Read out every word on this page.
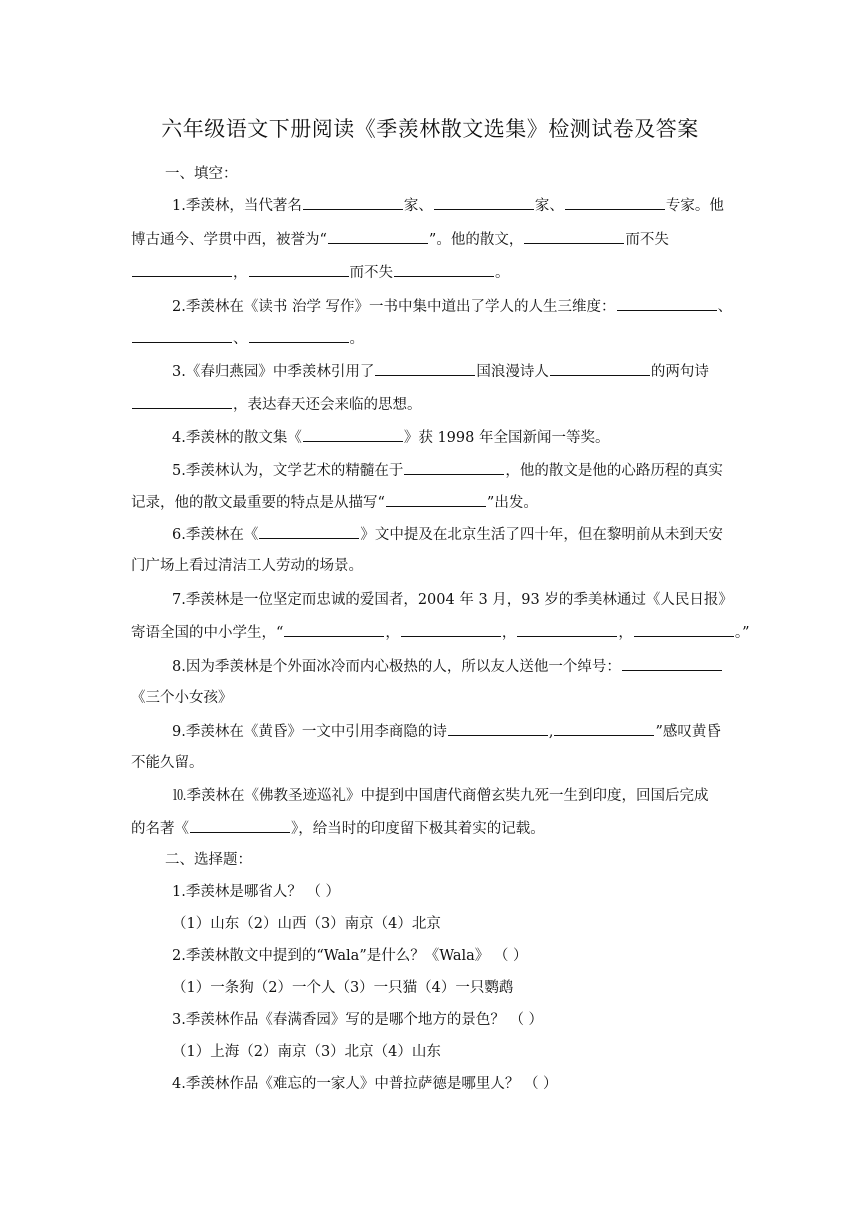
六年级语文下册阅读《季羡林散文选集》检测试卷及答案
一、填空：
1.季羡林，当代著名	家、	家、	专家。他
博古通今、学贯中西，被誉为“	”。他的散文，	而不失
，	而不失	。
2.季羡林在《读书 治学 写作》一书中集中道出了学人的人生三维度：	、
、	。
3.《春归燕园》中季羡林引用了	国浪漫诗人	的两句诗
，表达春天还会来临的思想。
4.季羡林的散文集《	》获 1998 年全国新闻一等奖。
5.季羡林认为，文学艺术的精髓在于	，他的散文是他的心路历程的真实
记录，他的散文最重要的特点是从描写“	”出发。
6.季羡林在《	》文中提及在北京生活了四十年，但在黎明前从未到天安
门广场上看过清洁工人劳动的场景。
7.季羡林是一位坚定而忠诚的爱国者，2004 年 3 月，93 岁的季美林通过《人民日报》
寄语全国的中小学生，“	，	，	，	。”
8.因为季羡林是个外面冰冷而内心极热的人，所以友人送他一个绰号：
《三个小女孩》
9.季羡林在《黄昏》一文中引用李商隐的诗	,	”感叹黄昏
不能久留。
⒑季羡林在《佛教圣迹巡礼》中提到中国唐代商僧玄奘九死一生到印度，回国后完成
的名著《	》，给当时的印度留下极其着实的记载。
二、选择题：
1.季羡林是哪省人？ （ ）
（1）山东（2）山西（3）南京（4）北京
2.季羡林散文中提到的“Wala”是什么？《Wala》 （ ）
（1）一条狗（2）一个人（3）一只猫（4）一只鹦鹉
3.季羡林作品《春满香园》写的是哪个地方的景色？ （ ）
（1）上海（2）南京（3）北京（4）山东
4.季羡林作品《难忘的一家人》中普拉萨德是哪里人？ （ ）
